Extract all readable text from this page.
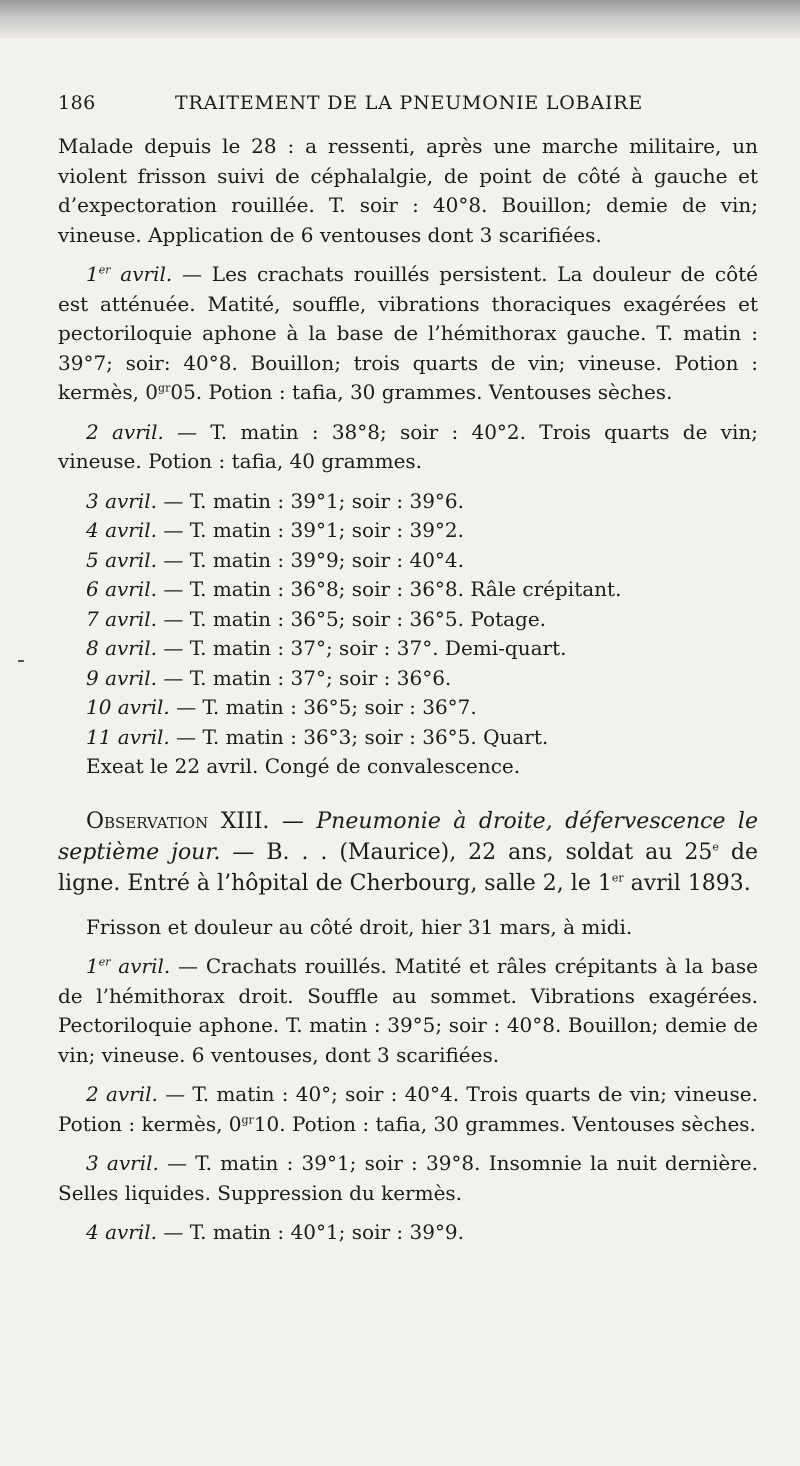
186	TRAITEMENT DE LA PNEUMONIE LOBAIRE

Malade depuis le 28 : a ressenti, après une marche militaire, un violent frisson suivi de céphalalgie, de point de côté à gauche et d’expectoration rouillée. T. soir : 40°8. Bouillon; demie de vin; vineuse. Application de 6 ventouses dont 3 scarifiées.

1er avril. — Les crachats rouillés persistent. La douleur de côté est atténuée. Matité, souffle, vibrations thoraciques exagérées et pectoriloquie aphone à la base de l’hémithorax gauche. T. matin : 39°7; soir: 40°8. Bouillon; trois quarts de vin; vineuse. Potion : kermès, $0^{gr}05$. Potion : tafia, 30 grammes. Ventouses sèches.

2 avril. — T. matin : 38°8; soir : 40°2. Trois quarts de vin; vineuse. Potion : tafia, 40 grammes.

3 avril. — T. matin : 39°1; soir : 39°6.
4 avril. — T. matin : 39°1; soir : 39°2.
5 avril. — T. matin : 39°9; soir : 40°4.
6 avril. — T. matin : 36°8; soir : 36°8. Râle crépitant.
7 avril. — T. matin : 36°5; soir : 36°5. Potage.
8 avril. — T. matin : 37°; soir : 37°. Demi-quart.
9 avril. — T. matin : 37°; soir : 36°6.
10 avril. — T. matin : 36°5; soir : 36°7.
11 avril. — T. matin : 36°3; soir : 36°5. Quart.

Exeat le 22 avril. Congé de convalescence.

Observation XIII. — Pneumonie à droite, défervescence le septième jour. — B. . . (Maurice), 22 ans, soldat au 25e de ligne. Entré à l’hôpital de Cherbourg, salle 2, le 1er avril 1893.

Frisson et douleur au côté droit, hier 31 mars, à midi.

1er avril. — Crachats rouillés. Matité et râles crépitants à la base de l’hémithorax droit. Souffle au sommet. Vibrations exagérées. Pectoriloquie aphone. T. matin : 39°5; soir : 40°8. Bouillon; demie de vin; vineuse. 6 ventouses, dont 3 scarifiées.

2 avril. — T. matin : 40°; soir : 40°4. Trois quarts de vin; vineuse. Potion : kermès, $0^{gr}10$. Potion : tafia, 30 grammes. Ventouses sèches.

3 avril. — T. matin : 39°1; soir : 39°8. Insomnie la nuit dernière. Selles liquides. Suppression du kermès.

4 avril. — T. matin : 40°1; soir : 39°9.
